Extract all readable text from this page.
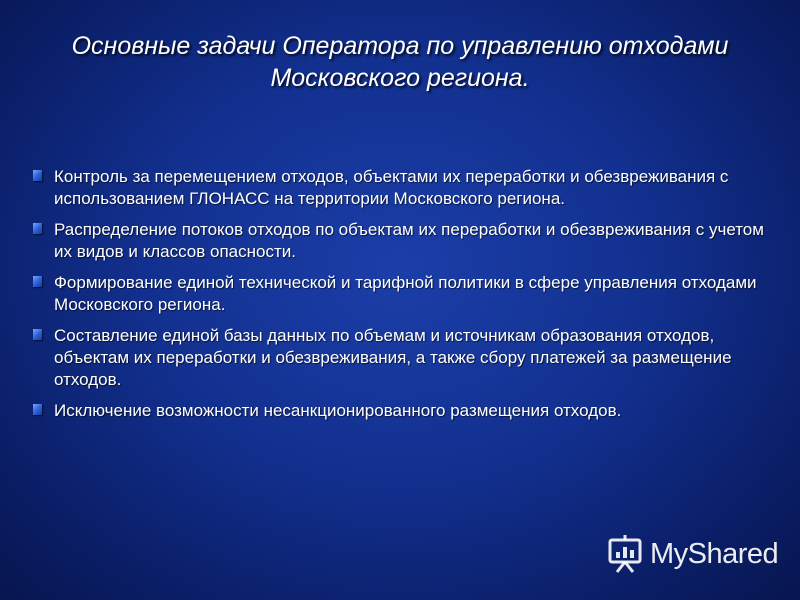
Основные задачи Оператора по управлению отходами
Московского региона.
Контроль за перемещением отходов, объектами их переработки и обезвреживания с использованием ГЛОНАСС на территории Московского региона.
Распределение потоков отходов по объектам их переработки и обезвреживания с учетом их видов и классов опасности.
Формирование единой технической и тарифной политики в сфере управления отходами Московского региона.
Составление единой базы данных по объемам и источникам образования отходов, объектам их переработки и обезвреживания, а также сбору платежей за размещение отходов.
Исключение возможности несанкционированного размещения отходов.
MyShared
